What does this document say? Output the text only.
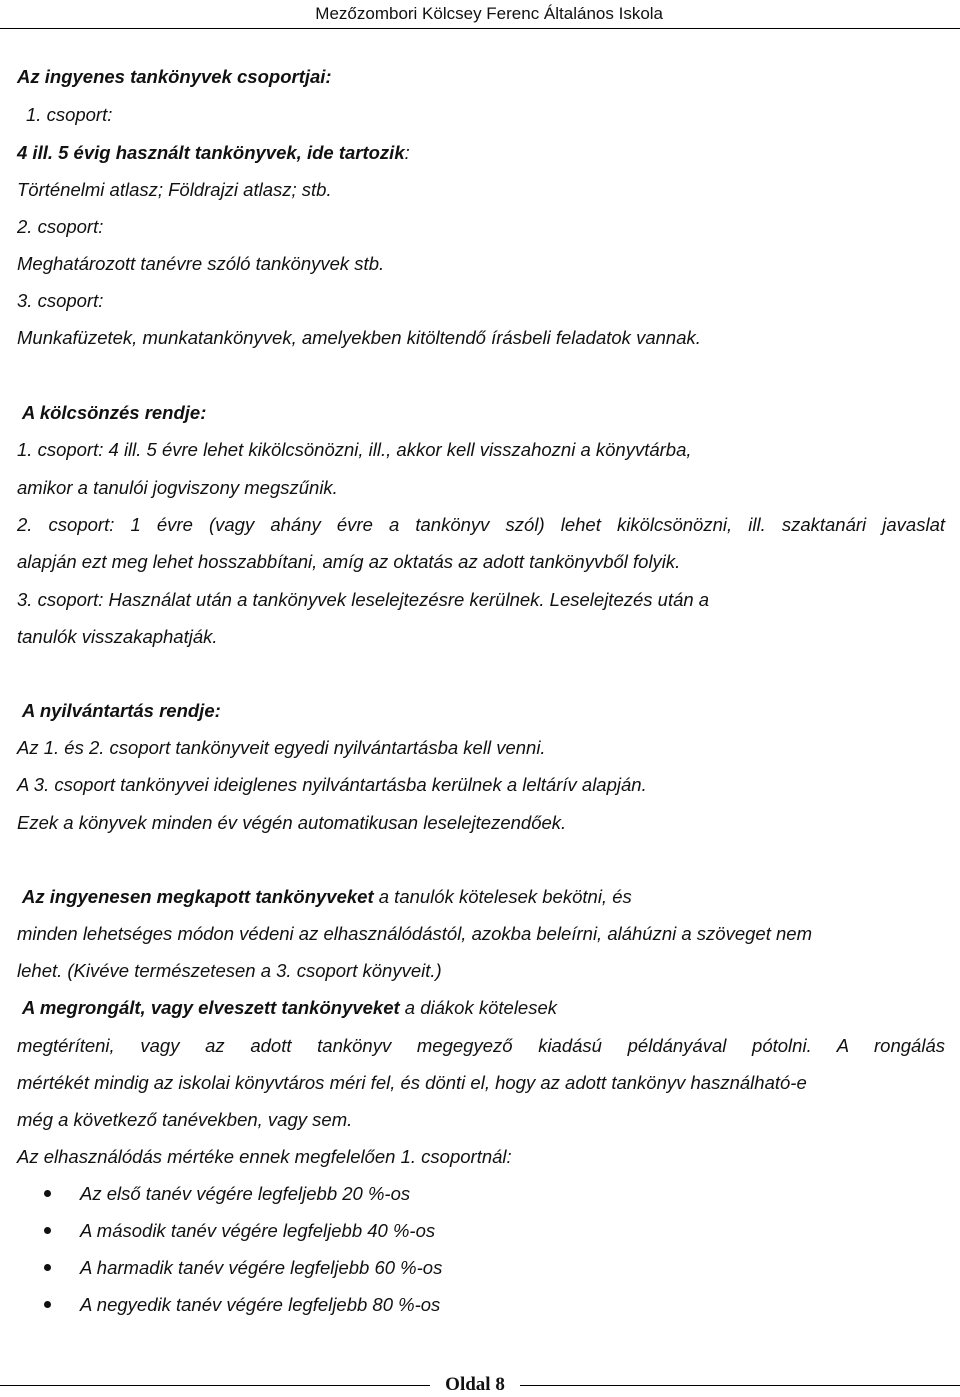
Mezőzombori Kölcsey Ferenc Általános Iskola
Az ingyenes tankönyvek csoportjai:
1. csoport:
4 ill. 5 évig használt tankönyvek, ide tartozik:
Történelmi atlasz; Földrajzi atlasz; stb.
2. csoport:
Meghatározott tanévre szóló tankönyvek stb.
3. csoport:
Munkafüzetek, munkatankönyvek, amelyekben kitöltendő írásbeli feladatok vannak.
A kölcsönzés rendje:
1. csoport: 4 ill. 5 évre lehet kikölcsönözni, ill., akkor kell visszahozni a könyvtárba,
amikor a tanulói jogviszony megszűnik.
2. csoport: 1 évre (vagy ahány évre a tankönyv szól) lehet kikölcsönözni, ill. szaktanári javaslat
alapján ezt meg lehet hosszabbítani, amíg az oktatás az adott tankönyvből folyik.
3. csoport: Használat után a tankönyvek leselejtezésre kerülnek. Leselejtezés után a
tanulók visszakaphatják.
A nyilvántartás rendje:
Az 1. és 2. csoport tankönyveit egyedi nyilvántartásba kell venni.
A 3. csoport tankönyvei ideiglenes nyilvántartásba kerülnek a leltárív alapján.
Ezek a könyvek minden év végén automatikusan leselejtezendőek.
Az ingyenesen megkapott tankönyveket a tanulók kötelesek bekötni, és
minden lehetséges módon védeni az elhasználódástól, azokba beleírni, aláhúzni a szöveget nem
lehet. (Kivéve természetesen a 3. csoport könyveit.)
A megrongált, vagy elveszett tankönyveket a diákok kötelesek
megtéríteni, vagy az adott tankönyv megegyező kiadású példányával pótolni. A rongálás
mértékét mindig az iskolai könyvtáros méri fel, és dönti el, hogy az adott tankönyv használható-e
még a következő tanévekben, vagy sem.
Az elhasználódás mértéke ennek megfelelően 1. csoportnál:
Az első tanév végére legfeljebb 20 %-os
A második tanév végére legfeljebb 40 %-os
A harmadik tanév végére legfeljebb 60 %-os
A negyedik tanév végére legfeljebb 80 %-os
Oldal 8
